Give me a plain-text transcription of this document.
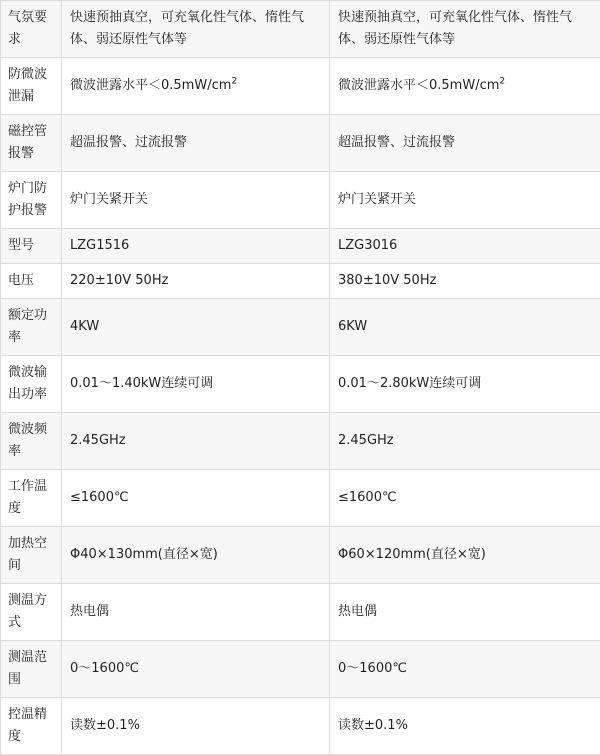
气氛要求	快速预抽真空，可充氧化性气体、惰性气体、弱还原性气体等	快速预抽真空，可充氧化性气体、惰性气体、弱还原性气体等
防微波泄漏	微波泄露水平$<0.5mW/cm^2$	微波泄露水平$<0.5mW/cm^2$
磁控管报警	超温报警、过流报警	超温报警、过流报警
炉门防护报警	炉门关紧开关	炉门关紧开关
型号	LZG1516	LZG3016
电压	220±10V 50Hz	380±10V 50Hz
额定功率	4KW	6KW
微波输出功率	0.01～1.40kW连续可调	0.01～2.80kW连续可调
微波频率	2.45GHz	2.45GHz
工作温度	≤1600℃	≤1600℃
加热空间	Φ40×130mm(直径×宽)	Φ60×120mm(直径×宽)
测温方式	热电偶	热电偶
测温范围	0～1600℃	0～1600℃
控温精度	读数±0.1%	读数±0.1%
